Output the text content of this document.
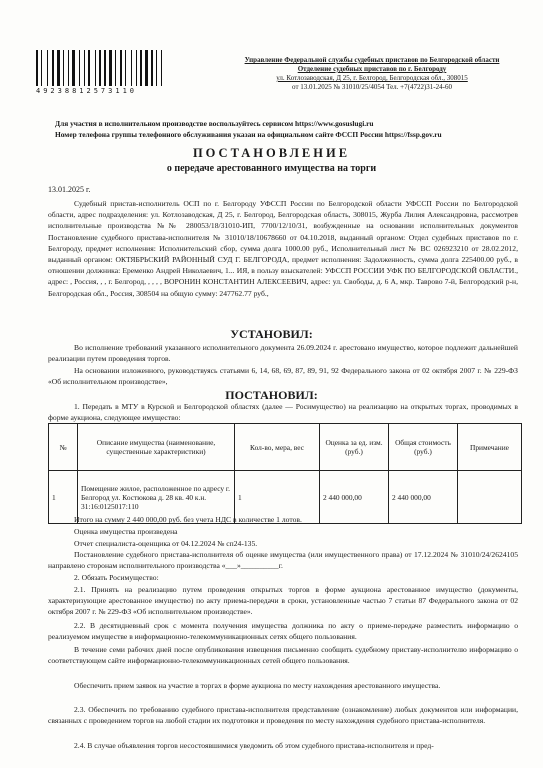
49238812573110
Управление Федеральной службы судебных приставов по Белгородской области
Отделение судебных приставов по г. Белгороду
ул. Котлозаводская, Д 25, г. Белгород, Белгородская обл., 308015
от 13.01.2025 № 31010/25/4054 Тел. +7(4722)31-24-60
Для участия в исполнительном производстве воспользуйтесь сервисом https://www.gosuslugi.ru
Номер телефона группы телефонного обслуживания указан на официальном сайте ФССП России https://fssp.gov.ru
ПОСТАНОВЛЕНИЕ
о передаче арестованного имущества на торги
13.01.2025 г.
Судебный пристав-исполнитель ОСП по г. Белгороду УФССП России по Белгородской области УФССП России по Белгородской области, адрес подразделения: ул. Котлозаводская, Д 25, г. Белгород, Белгородская область, 308015, Журба Лилия Александровна, рассмотрев исполнительные производства №№ 280053/18/31010-ИП, 7700/12/10/31, возбужденные на основании исполнительных документов Постановление судебного пристава-исполнителя № 31010/18/10678660 от 04.10.2018, выданный органом: Отдел судебных приставов по г. Белгороду, предмет исполнения: Исполнительский сбор, сумма долга 1000.00 руб., Исполнительный лист № ВС 026923210 от 28.02.2012, выданный органом: ОКТЯБРЬСКИЙ РАЙОННЫЙ СУД Г. БЕЛГОРОДА, предмет исполнения: Задолженность, сумма долга 225400.00 руб., в отношении должника: Еременко Андрей Николаевич, 1... ИЯ, в пользу взыскателей: УФССП РОССИИ УФК ПО БЕЛГОРОДСКОЙ ОБЛАСТИ., адрес: , Россия, , , г. Белгород, , , , , ВОРОНИН КОНСТАНТИН АЛЕКСЕЕВИЧ, адрес: ул. Свободы, д. 6 А, мкр. Таврово 7-й, Белгородский р-н, Белгородская обл., Россия, 308504 на общую сумму: 247762.77 руб.,
УСТАНОВИЛ:
Во исполнение требований указанного исполнительного документа 26.09.2024 г. арестовано имущество, которое подлежит дальнейшей реализации путем проведения торгов.
На основании изложенного, руководствуясь статьями 6, 14, 68, 69, 87, 89, 91, 92 Федерального закона от 02 октября 2007 г. № 229-ФЗ «Об исполнительном производстве»,
ПОСТАНОВИЛ:
1. Передать в МТУ в Курской и Белгородской областях (далее — Росимущество) на реализацию на открытых торгах, проводимых в форме аукциона, следующее имущество:
№	Описание имущества (наименование, существенные характеристики)	Кол-во, мера, вес	Оценка за ед. изм. (руб.)	Общая стоимость (руб.)	Примечание
1	Помещение жилое, расположенное по адресу г. Белгород ул. Костюкова д. 28 кв. 40 к.н. 31:16:0125017:110	1	2 440 000,00	2 440 000,00	
Итого на сумму 2 440 000,00 руб. без учета НДС в количестве 1 лотов.
Оценка имущества произведена
Отчет специалиста-оценщика от 04.12.2024 № сп24-135.
Постановление судебного пристава-исполнителя об оценке имущества (или имущественного права) от 17.12.2024 № 31010/24/2624105 направлено сторонам исполнительного производства «___»__________г.
2. Обязать Росимущество:
2.1. Принять на реализацию путем проведения открытых торгов в форме аукциона арестованное имущество (документы, характеризующие арестованное имущество) по акту приема-передачи в сроки, установленные частью 7 статьи 87 Федерального закона от 02 октября 2007 г. № 229-ФЗ «Об исполнительном производстве».
2.2. В десятидневный срок с момента получения имущества должника по акту о приеме-передаче разместить информацию о реализуемом имуществе в информационно-телекоммуникационных сетях общего пользования.
В течение семи рабочих дней после опубликования извещения письменно сообщить судебному приставу-исполнителю информацию о соответствующем сайте информационно-телекоммуникационных сетей общего пользования.
Обеспечить прием заявок на участие в торгах в форме аукциона по месту нахождения арестованного имущества.
2.3. Обеспечить по требованию судебного пристава-исполнителя представление (ознакомление) любых документов или информации, связанных с проведением торгов на любой стадии их подготовки и проведения по месту нахождения судебного пристава-исполнителя.
2.4. В случае объявления торгов несостоявшимися уведомить об этом судебного пристава-исполнителя и пред-
